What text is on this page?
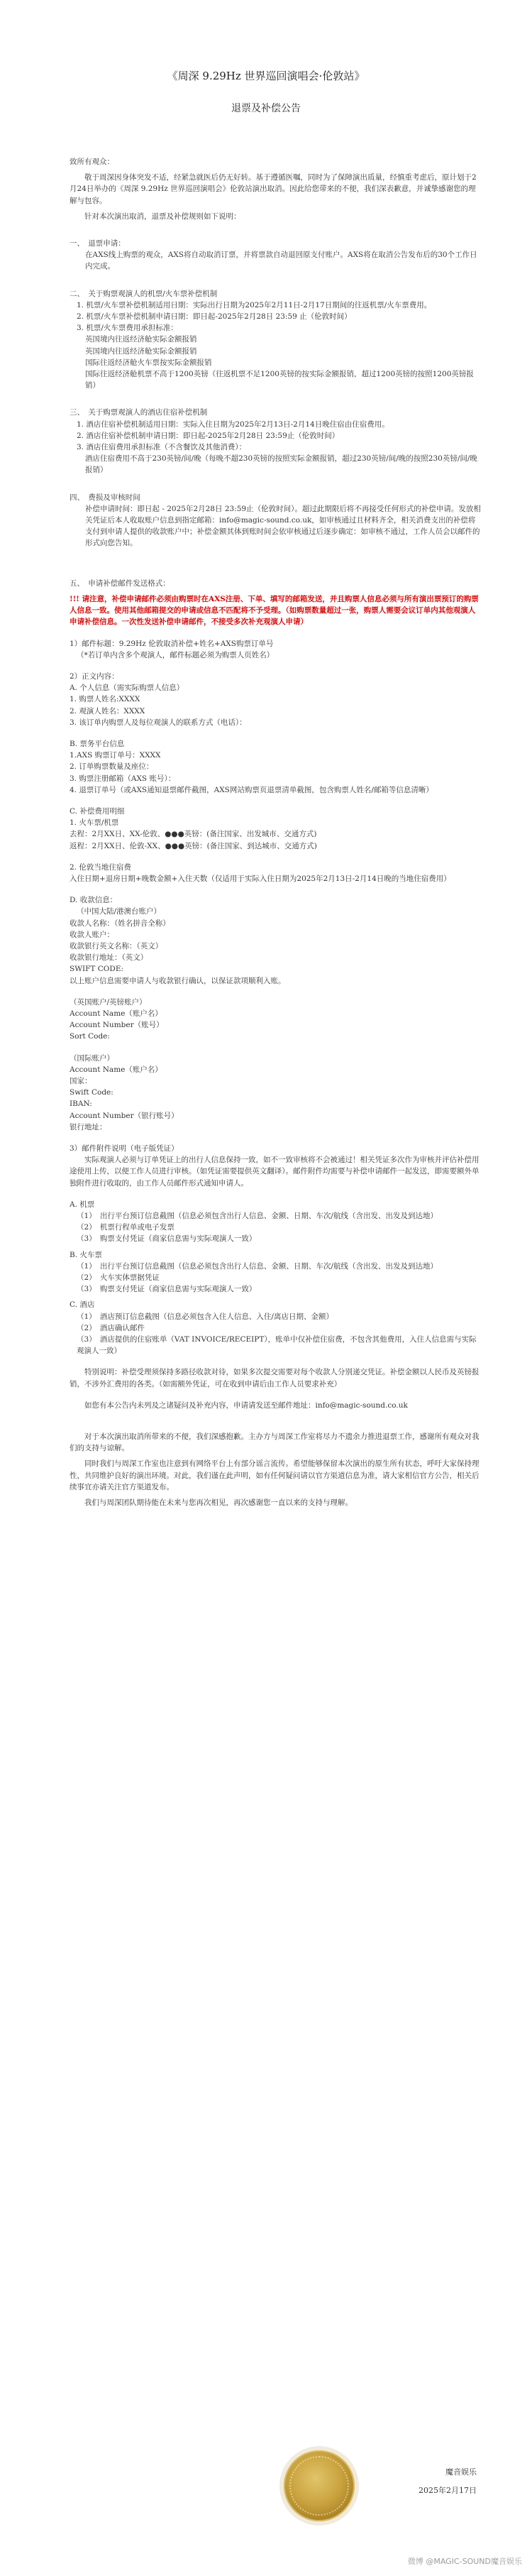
《周深 9.29Hz 世界巡回演唱会·伦敦站》
退票及补偿公告

致所有观众：

敬于周深因身体突发不适，经紧急就医后仍无好转。基于遵循医嘱，同时为了保障演出质量，经慎重考虑后，原计划于2月24日举办的《周深 9.29Hz 世界巡回演唱会》伦敦站演出取消。因此给您带来的不便，我们深表歉意，并诚挚感谢您的理解与包容。

针对本次演出取消，退票及补偿规则如下说明：

一、　退票申请：

在AXS线上购票的观众，AXS将自动取消订票，并将票款自动退回原支付账户。AXS将在取消公告发布后的30个工作日内完成。

二、　关于购票观演人的机票/火车票补偿机制

1. 机票/火车票补偿机制适用日期：实际出行日期为2025年2月11日-2月17日期间的往返机票/火车票费用。

2. 机票/火车票补偿机制申请日期：即日起-2025年2月28日 23:59 止（伦敦时间）

3. 机票/火车票费用承担标准：

英国境内往返经济舱实际金额报销

英国境内往返经济舱实际金额报销

国际往返经济舱火车票按实际金额报销

国际往返经济舱机票不高于1200英镑（往返机票不足1200英镑的按实际金额报销，超过1200英镑的按照1200英镑报销）

三、　关于购票观演人的酒店住宿补偿机制

1. 酒店住宿补偿机制适用日期：实际入住日期为2025年2月13日-2月14日晚住宿由住宿费用。

2. 酒店住宿补偿机制申请日期：即日起-2025年2月28日 23:59止（伦敦时间）

3. 酒店住宿费用承担标准（不含餐饮及其他消费）：

酒店住宿费用不高于230英镑/间/晚（每晚不超230英镑的按照实际金额报销，超过230英镑/间/晚的按照230英镑/间/晚报销）

四、　费损及审核时间

补偿申请时间：即日起 - 2025年2月28日 23:59止（伦敦时间）。超过此期限后将不再接受任何形式的补偿申请。发放相关凭证后本人收取账户信息到指定邮箱：info@magic-sound.co.uk，如审核通过且材料齐全，相关消费支出的补偿将支付到申请人提供的收款账户中；补偿金额其体到账时间会依审核通过后逐步确定：如审核不通过，工作人员会以邮件的形式向您告知。

五、　申请补偿邮件发送格式：

!!! 请注意，补偿申请邮件必须由购票时在AXS注册、下单、填写的邮箱发送，并且购票人信息必须与所有演出票预订的购票人信息一致。使用其他邮箱提交的申请或信息不匹配将不予受理。（如购票数量超过一张，购票人需要会议订单内其他观演人申请补偿信息。一次性发送补偿申请邮件，不接受多次补充观演人申请）

1）邮件标题：9.29Hz 伦敦取消补偿+姓名+AXS购票订单号

（*若订单内含多个观演人，邮件标题必须为购票人页姓名）

2）正文内容：

A. 个人信息（需实际购票人信息）

1. 购票人姓名:XXXX

2. 观演人姓名：XXXX

3. 该订单内购票人及每位观演人的联系方式（电话）：

B. 票务平台信息

1.AXS 购票订单号：XXXX

2. 订单购票数量及座位：

3. 购票注册邮箱（AXS 账号）：

4. 退票订单号（或AXS通知退票邮件截图，AXS网站购票页退票清单截图，包含购票人姓名/邮箱等信息清晰）

C. 补偿费用明细

1. 火车票/机票

去程：2月XX日、XX-伦敦、●●●英镑：(备注国家、出发城市、交通方式)

返程：2月XX日、伦敦-XX、●●●英镑：(备注国家、到达城市、交通方式)

2. 伦敦当地住宿费

入住日期+退房日期+晚数金额+入住天数（仅适用于实际入住日期为2025年2月13日-2月14日晚的当地住宿费用）

D. 收款信息：

（中国大陆/港澳台账户）

收款人名称：（姓名拼音全称）

收款人账户：

收款银行英文名称：（英文）

收款银行地址：（英文）

SWIFT CODE:

以上账户信息需要申请人与收款银行确认，以保证款项顺利入账。

（英国账户/英镑账户）

Account Name（账户名）

Account Number（账号）

Sort Code:

（国际账户）

Account Name（账户名）

国家：

Swift Code:

IBAN:

Account Number（银行账号）

银行地址：

3）邮件附件说明（电子版凭证）

实际观演人必须与订单凭证上的出行人信息保持一致，如不一致审核将不会被通过！相关凭证多次作为审核并评估补偿用途使用上传，以便工作人员进行审核。（如凭证需要提供英文翻译）。邮件附件均需要与补偿申请邮件一起发送，即需要额外单独附件进行收取的，由工作人员邮件形式通知申请人。

A. 机票

（1）　出行平台预订信息截图（信息必须包含出行人信息、金额、日期、车次/航线（含出发、出发及到达地）

（2）　机票行程单或电子发票

（3）　购票支付凭证（商家信息需与实际观演人一致）

B. 火车票

（1）　出行平台预订信息截图（信息必须包含出行人信息、金额、日期、车次/航线（含出发、出发及到达地）

（2）　火车实体票据凭证

（3）　购票支付凭证（商家信息需与实际观演人一致）

C. 酒店

（1）　酒店预订信息截图（信息必须包含入住人信息、入住/离店日期、金额）

（2）　酒店确认邮件

（3）　酒店提供的住宿账单（VAT INVOICE/RECEIPT），账单中仅补偿住宿费，不包含其他费用，入住人信息需与实际观演人一致）

特别说明：补偿受理须保持多路径收款对待，如果多次提交需要对每个收款人分别递交凭证。补偿金额以人民币及英镑报销，不涉外汇费用的各类。（如需额外凭证，可在收到申请后由工作人员要求补充）

如您有本公告内未列及之诸疑问及补充内容，申请请发送至邮件地址：info@magic-sound.co.uk

对于本次演出取消所带来的不便，我们深感抱歉。主办方与周深工作室将尽力不遗余力推进退票工作，感谢所有观众对我们的支持与谅解。

同时我们与周深工作室也注意到有网络平台上有部分谣言流传。希望能够保留本次演出的原生所有状态，呼吁大家保持理性，共同维护良好的演出环境。对此，我们谨在此声明，如有任何疑问请以官方渠道信息为准，请大家相信官方公告，相关后续事宜亦请关注官方渠道发布。

我们与周深团队期待能在未来与您再次相见，再次感谢您一直以来的支持与理解。

魔音娱乐
2025年2月17日
微博 @MAGIC-SOUND魔音娱乐
